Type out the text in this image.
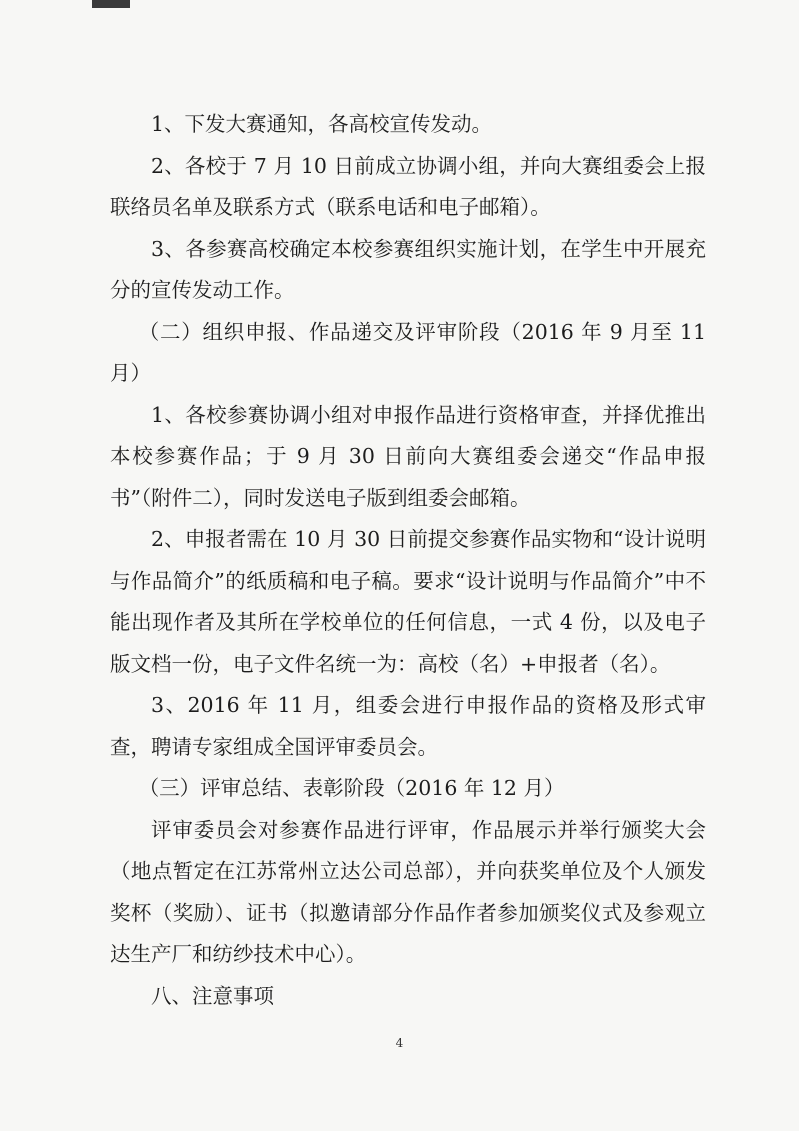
1、下发大赛通知，各高校宣传发动。

2、各校于 7 月 10 日前成立协调小组，并向大赛组委会上报联络员名单及联系方式（联系电话和电子邮箱）。

3、各参赛高校确定本校参赛组织实施计划，在学生中开展充分的宣传发动工作。

（二）组织申报、作品递交及评审阶段（2016 年 9 月至 11 月）

1、各校参赛协调小组对申报作品进行资格审查，并择优推出本校参赛作品；于 9 月 30 日前向大赛组委会递交“作品申报书”（附件二），同时发送电子版到组委会邮箱。

2、申报者需在 10 月 30 日前提交参赛作品实物和“设计说明与作品简介”的纸质稿和电子稿。要求“设计说明与作品简介”中不能出现作者及其所在学校单位的任何信息，一式 4 份，以及电子版文档一份，电子文件名统一为：高校（名）+申报者（名）。

3、2016 年 11 月，组委会进行申报作品的资格及形式审查，聘请专家组成全国评审委员会。

（三）评审总结、表彰阶段（2016 年 12 月）

评审委员会对参赛作品进行评审，作品展示并举行颁奖大会（地点暂定在江苏常州立达公司总部），并向获奖单位及个人颁发奖杯（奖励）、证书（拟邀请部分作品作者参加颁奖仪式及参观立达生产厂和纺纱技术中心）。

八、注意事项

4
